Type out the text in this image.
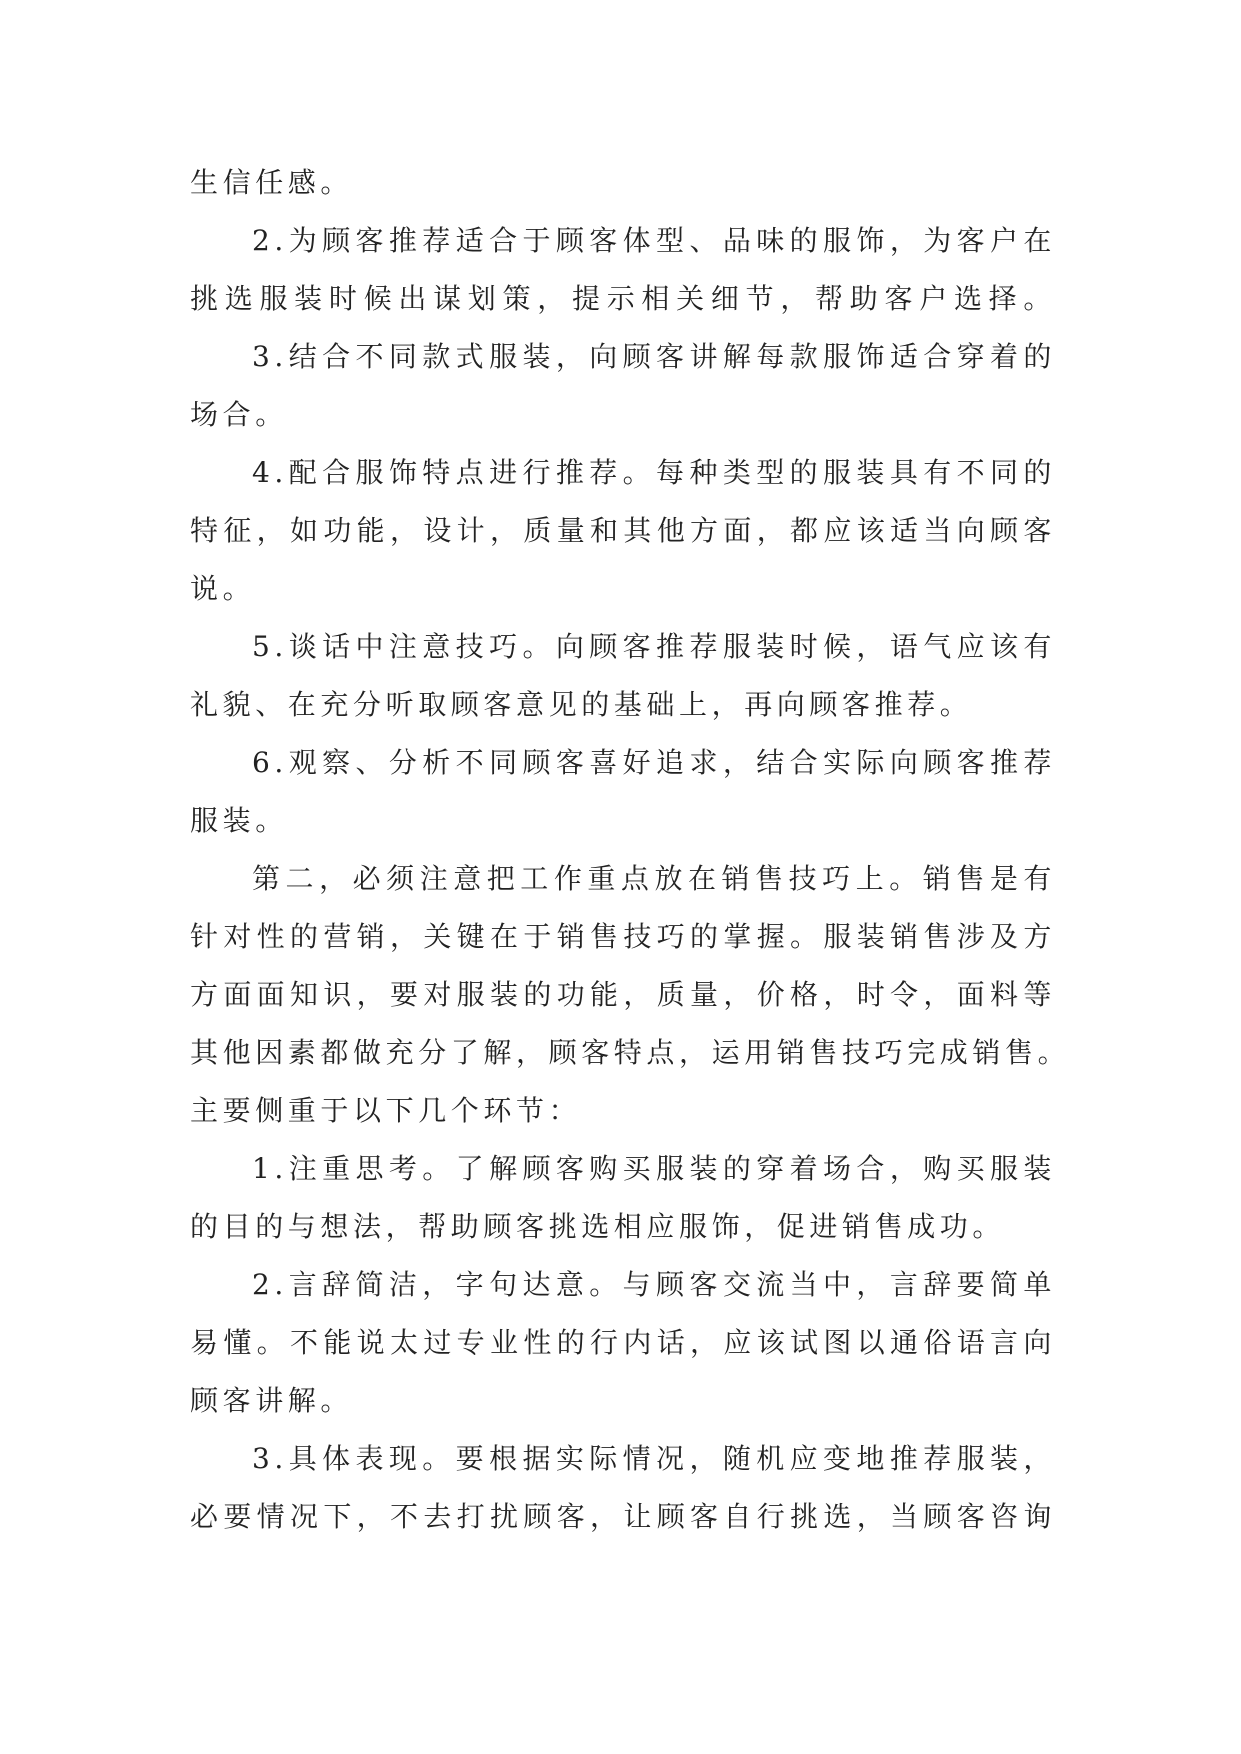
生信任感。
2.为顾客推荐适合于顾客体型、品味的服饰，为客户在
挑选服装时候出谋划策，提示相关细节，帮助客户选择。
3.结合不同款式服装，向顾客讲解每款服饰适合穿着的
场合。
4.配合服饰特点进行推荐。每种类型的服装具有不同的
特征，如功能，设计，质量和其他方面，都应该适当向顾客
说。
5.谈话中注意技巧。向顾客推荐服装时候，语气应该有
礼貌、在充分听取顾客意见的基础上，再向顾客推荐。
6.观察、分析不同顾客喜好追求，结合实际向顾客推荐
服装。
第二，必须注意把工作重点放在销售技巧上。销售是有
针对性的营销，关键在于销售技巧的掌握。服装销售涉及方
方面面知识，要对服装的功能，质量，价格，时令，面料等
其他因素都做充分了解，顾客特点，运用销售技巧完成销售。
主要侧重于以下几个环节：
1.注重思考。了解顾客购买服装的穿着场合，购买服装
的目的与想法，帮助顾客挑选相应服饰，促进销售成功。
2.言辞简洁，字句达意。与顾客交流当中，言辞要简单
易懂。不能说太过专业性的行内话，应该试图以通俗语言向
顾客讲解。
3.具体表现。要根据实际情况，随机应变地推荐服装，
必要情况下，不去打扰顾客，让顾客自行挑选，当顾客咨询
